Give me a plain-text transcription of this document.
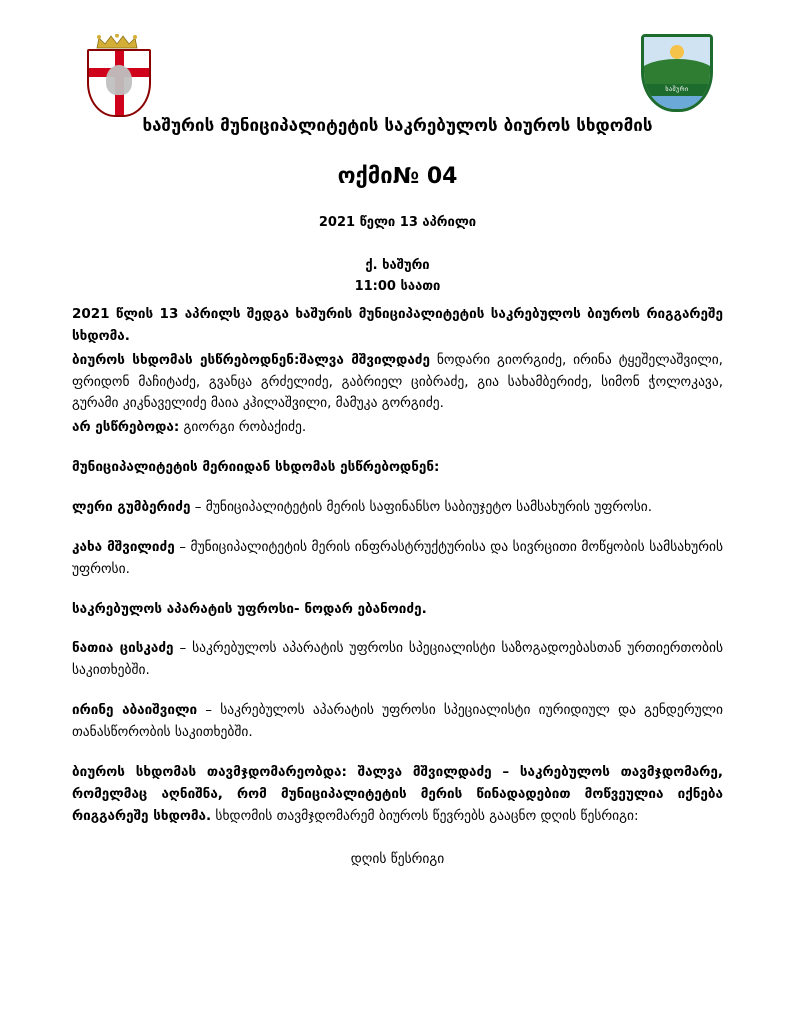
ხაშური
ხაშურის მუნიციპალიტეტის საკრებულოს ბიუროს სხდომის
ოქმი№ 04
2021 წელი 13 აპრილი
ქ. ხაშური
11:00 საათი

2021 წლის 13 აპრილს შედგა ხაშურის მუნიციპალიტეტის საკრებულოს ბიუროს რიგგარეშე სხდომა.

ბიუროს სხდომას ესწრებოდნენ:შალვა მშვილდაძე ნოდარი გიორგიძე, ირინა ტყეშელაშვილი, ფრიდონ მაჩიტაძე, გვანცა გრძელიძე, გაბრიელ ციბრაძე, გია სახამბერიძე, სიმონ ჭოლოკავა, გურამი კიკნაველიძე მაია კჰილაშვილი, მამუკა გორგიძე.

არ ესწრებოდა: გიორგი რობაქიძე.

მუნიციპალიტეტის მერიიდან სხდომას ესწრებოდნენ:

ლერი გუმბერიძე – მუნიციპალიტეტის მერის საფინანსო საბიუჯეტო სამსახურის უფროსი.

კახა მშვილიძე – მუნიციპალიტეტის მერის ინფრასტრუქტურისა და სივრცითი მოწყობის სამსახურის უფროსი.

საკრებულოს აპარატის უფროსი- ნოდარ ებანოიძე.

ნათია ცისკაძე – საკრებულოს აპარატის უფროსი სპეციალისტი საზოგადოებასთან ურთიერთობის საკითხებში.

ირინე აბაიშვილი – საკრებულოს აპარატის უფროსი სპეციალისტი იურიდიულ და გენდერული თანასწორობის საკითხებში.

ბიუროს სხდომას თავმჯდომარეობდა: შალვა მშვილდაძე – საკრებულოს თავმჯდომარე, რომელმაც აღნიშნა, რომ მუნიციპალიტეტის მერის წინადადებით მოწვეულია იქნება რიგგარეშე სხდომა. სხდომის თავმჯდომარემ ბიუროს წევრებს გააცნო დღის წესრიგი:

დღის წესრიგი
